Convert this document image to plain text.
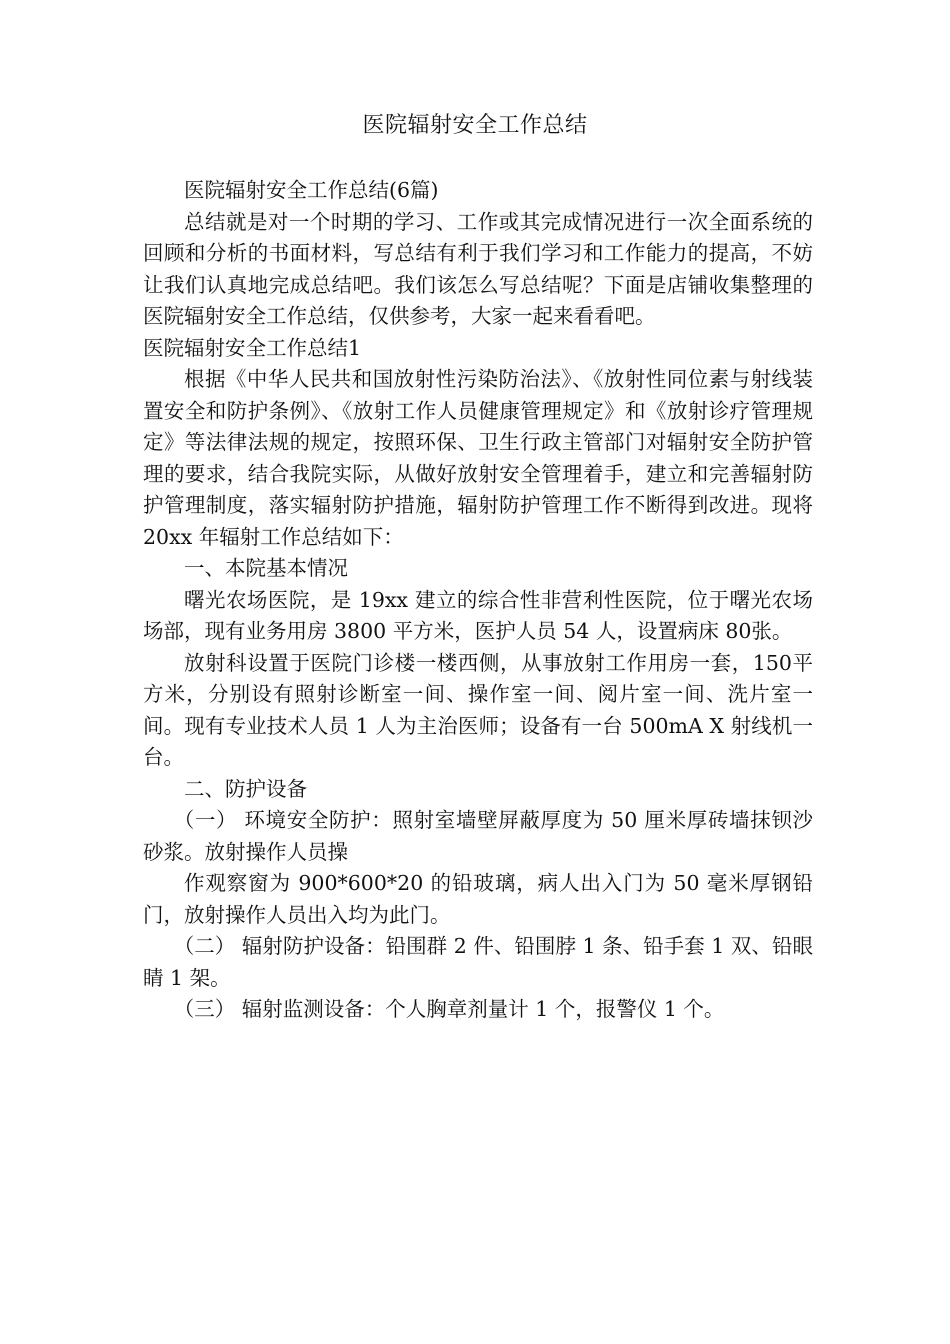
医院辐射安全工作总结

医院辐射安全工作总结(6篇)

总结就是对一个时期的学习、工作或其完成情况进行一次全面系统的回顾和分析的书面材料，写总结有利于我们学习和工作能力的提高，不妨让我们认真地完成总结吧。我们该怎么写总结呢？下面是店铺收集整理的医院辐射安全工作总结，仅供参考，大家一起来看看吧。

医院辐射安全工作总结1

根据《中华人民共和国放射性污染防治法》、《放射性同位素与射线装置安全和防护条例》、《放射工作人员健康管理规定》和《放射诊疗管理规定》等法律法规的规定，按照环保、卫生行政主管部门对辐射安全防护管理的要求，结合我院实际，从做好放射安全管理着手，建立和完善辐射防护管理制度，落实辐射防护措施，辐射防护管理工作不断得到改进。现将20xx 年辐射工作总结如下：

一、本院基本情况

曙光农场医院，是 19xx 建立的综合性非营利性医院，位于曙光农场场部，现有业务用房 3800 平方米，医护人员 54 人，设置病床 80张。

放射科设置于医院门诊楼一楼西侧，从事放射工作用房一套，150平方米，分别设有照射诊断室一间、操作室一间、阅片室一间、洗片室一间。现有专业技术人员 1 人为主治医师；设备有一台 500mA X 射线机一台。

二、防护设备

（一） 环境安全防护：照射室墙壁屏蔽厚度为 50 厘米厚砖墙抹钡沙砂浆。放射操作人员操

作观察窗为 900*600*20 的铅玻璃，病人出入门为 50 毫米厚钢铅门，放射操作人员出入均为此门。

（二） 辐射防护设备：铅围群 2 件、铅围脖 1 条、铅手套 1 双、铅眼睛 1 架。

（三） 辐射监测设备：个人胸章剂量计 1 个，报警仪 1 个。
